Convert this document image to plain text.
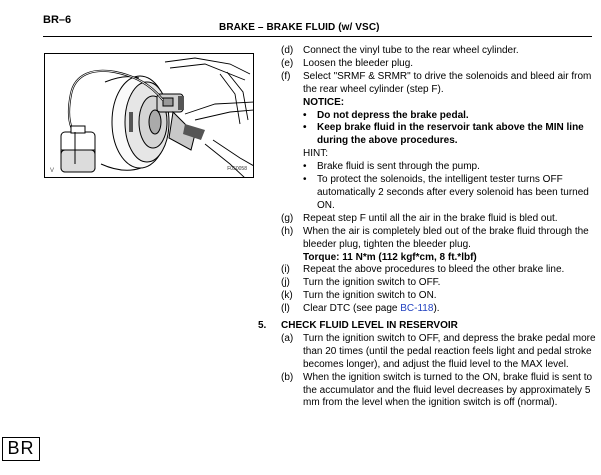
BR–6
BRAKE – BRAKE FLUID (w/ VSC)
V	F050058
(d) Connect the vinyl tube to the rear wheel cylinder.
(e) Loosen the bleeder plug.
(f) Select "SRMF & SRMR" to drive the solenoids and bleed air from the rear wheel cylinder (step F).
NOTICE:
• Do not depress the brake pedal.
• Keep brake fluid in the reservoir tank above the MIN line during the above procedures.
HINT:
• Brake fluid is sent through the pump.
• To protect the solenoids, the intelligent tester turns OFF automatically 2 seconds after every solenoid has been turned ON.
(g) Repeat step F until all the air in the brake fluid is bled out.
(h) When the air is completely bled out of the brake fluid through the bleeder plug, tighten the bleeder plug.
Torque: 11 N*m (112 kgf*cm, 8 ft.*lbf)
(i) Repeat the above procedures to bleed the other brake line.
(j) Turn the ignition switch to OFF.
(k) Turn the ignition switch to ON.
(l) Clear DTC (see page BC-118).
5. CHECK FLUID LEVEL IN RESERVOIR
(a) Turn the ignition switch to OFF, and depress the brake pedal more than 20 times (until the pedal reaction feels light and pedal stroke becomes longer), and adjust the fluid level to the MAX level.
(b) When the ignition switch is turned to the ON, brake fluid is sent to the accumulator and the fluid level decreases by approximately 5 mm from the level when the ignition switch is off (normal).
BR
